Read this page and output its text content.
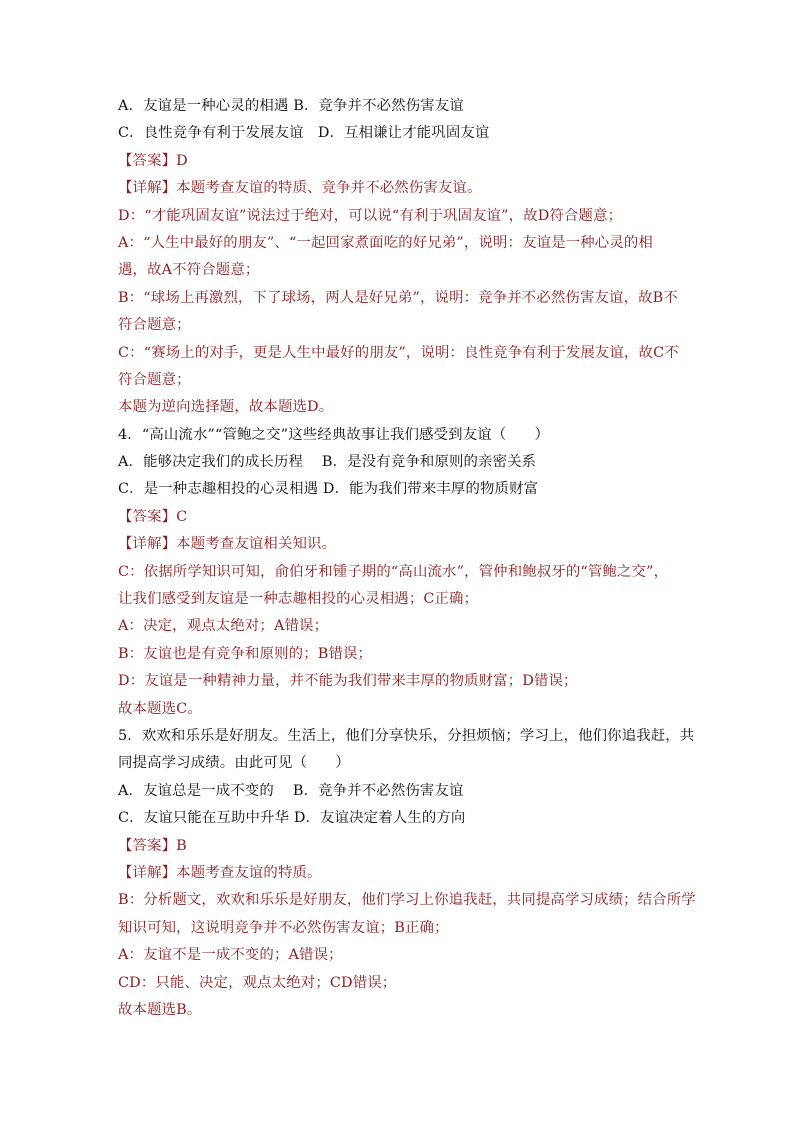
A．友谊是一种心灵的相遇 B．竞争并不必然伤害友谊
C．良性竞争有利于发展友谊   D．互相谦让才能巩固友谊
【答案】D
【详解】本题考查友谊的特质、竞争并不必然伤害友谊。
D：“才能巩固友谊”说法过于绝对，可以说“有利于巩固友谊”，故D符合题意；
A：“人生中最好的朋友”、“一起回家煮面吃的好兄弟”，说明：友谊是一种心灵的相
遇，故A不符合题意；
B：“球场上再激烈，下了球场，两人是好兄弟”，说明：竞争并不必然伤害友谊，故B不
符合题意；
C：“赛场上的对手，更是人生中最好的朋友”，说明：良性竞争有利于发展友谊，故C不
符合题意；
本题为逆向选择题，故本题选D。
4．“高山流水”“管鲍之交”这些经典故事让我们感受到友谊（      ）
A．能够决定我们的成长历程    B．是没有竞争和原则的亲密关系
C．是一种志趣相投的心灵相遇 D．能为我们带来丰厚的物质财富
【答案】C
【详解】本题考查友谊相关知识。
C：依据所学知识可知，俞伯牙和锺子期的“高山流水”，管仲和鲍叔牙的“管鲍之交”，
让我们感受到友谊是一种志趣相投的心灵相遇；C正确；
A：决定，观点太绝对；A错误；
B：友谊也是有竞争和原则的；B错误；
D：友谊是一种精神力量，并不能为我们带来丰厚的物质财富；D错误；
故本题选C。
5．欢欢和乐乐是好朋友。生活上，他们分享快乐，分担烦恼；学习上，他们你追我赶，共
同提高学习成绩。由此可见（      ）
A．友谊总是一成不变的    B．竞争并不必然伤害友谊
C．友谊只能在互助中升华 D．友谊决定着人生的方向
【答案】B
【详解】本题考查友谊的特质。
B：分析题文，欢欢和乐乐是好朋友，他们学习上你追我赶，共同提高学习成绩；结合所学
知识可知，这说明竞争并不必然伤害友谊；B正确；
A：友谊不是一成不变的；A错误；
CD：只能、决定，观点太绝对；CD错误；
故本题选B。
